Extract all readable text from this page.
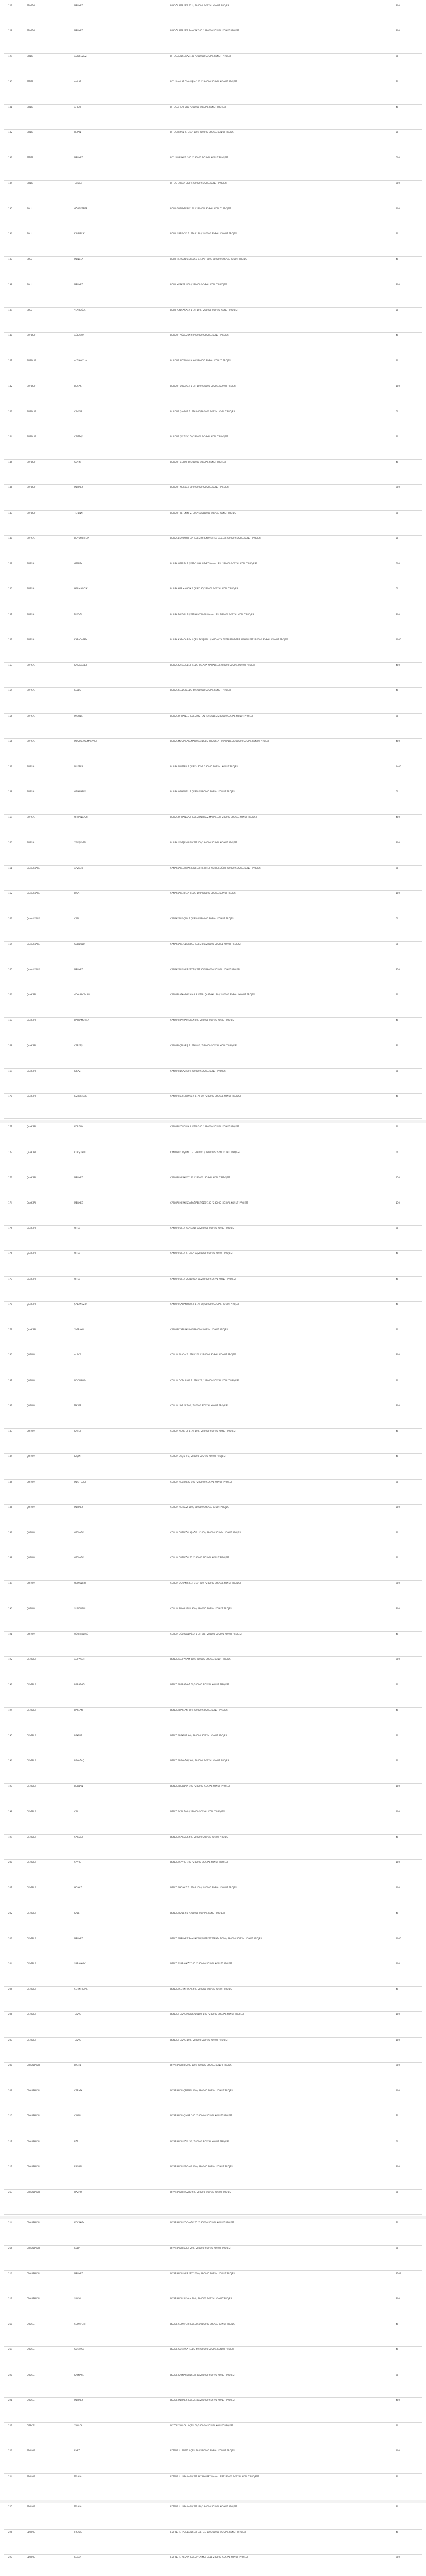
127	BİNGÖL	MERKEZ	BİNGÖL MERKEZ 321 / 280000 SOSYAL KONUT PROJESİ	300
128	BİNGÖL	MERKEZ	BİNGÖL MERKEZ SANCAK 100 / 280000 SOSYAL KONUT PROJESİ	300
129	BİTLİS	ADİLCEVAZ	BİTLİS ADİLCEVAZ 100 / 280000 SOSYAL KONUT PROJESİ	60
130	BİTLİS	AHLAT	BİTLİS AHLAT OVAKIŞLA 100 / 280000 SOSYAL KONUT PROJESİ	70
131	BİTLİS	AHLAT	BİTLİS AHLAT 200 / 280000 SOSYAL KONUT PROJESİ	40
132	BİTLİS	HİZAN	BİTLİS HİZAN 2. ETAP 180 / 280000 SOSYAL KONUT PROJESİ	50
133	BİTLİS	MERKEZ	BİTLİS MERKEZ 300 / 280000 SOSYAL KONUT PROJESİ	600
134	BİTLİS	TATVAN	BİTLİS TATVAN 300 / 280000 SOSYAL KONUT PROJESİ	300
135	BOLU	GÖRÜKTEPE	BOLU GÖRÜKTEPE 150 / 280000 SOSYAL KONUT PROJESİ	100
136	BOLU	KIBRISCIK	BOLU KIBRISCIK 2. ETAP 180 / 280000 SOSYAL KONUT PROJESİ	40
137	BOLU	MENGEN	BOLU MENGEN GÖKÇESU 2. ETAP 200 / 280000 SOSYAL KONUT PROJESİ	40
138	BOLU	MERKEZ	BOLU MERKEZ 400 / 280000 SOSYAL KONUT PROJESİ	300
139	BOLU	YENİÇAĞA	BOLU YENİÇAĞA 2. ETAP 100 / 280000 SOSYAL KONUT PROJESİ	50
140	BURDUR	AĞLASUN	BURDUR AĞLASUN 60/280000 SOSYAL KONUT PROJESİ	40
141	BURDUR	ALTINYAYLA	BURDUR ALTINYAYLA 60/280000 SOSYAL KONUT PROJESİ	40
142	BURDUR	BUCAK	BURDUR BUCAK 3. ETAP 100/280000 SOSYAL KONUT PROJESİ	100
143	BURDUR	ÇAVDIR	BURDUR ÇAVDIR 2. ETAP 60/280000 SOSYAL KONUT PROJESİ	60
144	BURDUR	ÇELTİKÇİ	BURDUR ÇELTİKÇİ 50/280000 SOSYAL KONUT PROJESİ	40
145	BURDUR	GEYİKİ	BURDUR GEYİKİ 60/280000 SOSYAL KONUT PROJESİ	40
146	BURDUR	MERKEZ	BURDUR MERKEZ 300/280000 SOSYAL KONUT PROJESİ	300
147	BURDUR	TEFENNİ	BURDUR TEFENNİ 2. ETAP 60/280000 SOSYAL KONUT PROJESİ	60
148	BURSA	BÜYÜKORHAN	BURSA BÜYÜKORHAN İLÇESİ ÖRENKAYA MAHALLESİ 280000 SOSYAL KONUT PROJESİ	50
149	BURSA	GEMLİK	BURSA GEMLİK İLÇESİ CUMHURİYET MAHALLESİ 280000 SOSYAL KONUT PROJESİ	500
150	BURSA	HARMANCIK	BURSA HARMANCIK İLÇESİ 180/280000 SOSYAL KONUT PROJESİ	60
151	BURSA	İNEGÖL	BURSA İNEGÖL İLÇESİ HAMZALAR MAHALLESİ 280000 SOSYAL KONUT PROJESİ	800
152	BURSA	KARACABEY	BURSA KARACABEY İLÇESİ TAVŞANLI / MÜDANYA TEFERRÜKDERE MAHALLESİ 280000 SOSYAL KONUT PROJESİ	1000
153	BURSA	KARACABEY	BURSA KARACABEY İLÇESİ YALAVA MAHALLESİ 280000 SOSYAL KONUT PROJESİ	400
154	BURSA	KELES	BURSA KELES İLÇESİ 60/280000 SOSYAL KONUT PROJESİ	40
155	BURSA	MARTEL	BURSA ORHANELİ İLÇESİ ÖZTEN MAHALLESİ 280000 SOSYAL KONUT PROJESİ	60
156	BURSA	MUSTAFAKEMALPAŞA	BURSA MUSTAFAKEMALPAŞA İLÇESİ HILALKENT MAHALLESİ 280000 SOSYAL KONUT PROJESİ	400
157	BURSA	NİLÜFER	BURSA NİLÜFER İLÇESİ 3. ETAP 280000 SOSYAL KONUT PROJESİ	1400
158	BURSA	ORHANELİ	BURSA ORHANELİ İLÇESİ 80/280000 SOSYAL KONUT PROJESİ	60
159	BURSA	ORHANGAZİ	BURSA ORHANGAZİ İLÇESİ MERKEZ MAHALLESİ 280000 SOSYAL KONUT PROJESİ	400
160	BURSA	YENİŞEHİR	BURSA YENİŞEHİR İLÇESİ 200/280000 SOSYAL KONUT PROJESİ	200
161	ÇANAKKALE	AYVACIK	ÇANAKKALE AYVACIK İLÇESİ MEHMET KAMBEROĞLU 280000 SOSYAL KONUT PROJESİ	60
162	ÇANAKKALE	BİGA	ÇANAKKALE BİGA İLÇESİ 100/280000 SOSYAL KONUT PROJESİ	100
163	ÇANAKKALE	ÇAN	ÇANAKKALE ÇAN İLÇESİ 80/280000 SOSYAL KONUT PROJESİ	60
164	ÇANAKKALE	GELİBOLU	ÇANAKKALE GELİBOLU İLÇESİ 80/280000 SOSYAL KONUT PROJESİ	80
165	ÇANAKKALE	MERKEZ	ÇANAKKALE MERKEZ İLÇESİ 300/280000 SOSYAL KONUT PROJESİ	370
166	ÇANKIRI	ATKARACALAR	ÇANKIRI ATKARACALAR 3. ETAP ÇARDAKLI 80 / 280000 SOSYAL KONUT PROJESİ	40
167	ÇANKIRI	BAYRAMÖREN	ÇANKIRI BAYRAMÖREN 80 / 280000 SOSYAL KONUT PROJESİ	40
168	ÇANKIRI	ÇERKEŞ	ÇANKIRI ÇERKEŞ 2. ETAP 80 / 280000 SOSYAL KONUT PROJESİ	80
169	ÇANKIRI	ILGAZ	ÇANKIRI ILGAZ 80 / 280000 SOSYAL KONUT PROJESİ	60
170	ÇANKIRI	KIZILIRMAK	ÇANKIRI KIZILIRMAK 2. ETAP 80 / 280000 SOSYAL KONUT PROJESİ	40
171	ÇANKIRI	KORGUN	ÇANKIRI KORGUN 2. ETAP 100 / 280000 SOSYAL KONUT PROJESİ	40
172	ÇANKIRI	KURŞUNLU	ÇANKIRI KURŞUNLU 3. ETAP 80 / 280000 SOSYAL KONUT PROJESİ	50
173	ÇANKIRI	MERKEZ	ÇANKIRI MERKEZ 150 / 280000 SOSYAL KONUT PROJESİ	150
174	ÇANKIRI	MERKEZ	ÇANKIRI MERKEZ AŞAĞIPELİTÖZÜ 150 / 280000 SOSYAL KONUT PROJESİ	150
175	ÇANKIRI	ORTA	ÇANKIRI ORTA YAPRAKLI 60/280000 SOSYAL KONUT PROJESİ	60
176	ÇANKIRI	ORTA	ÇANKIRI ORTA 2. ETAP 60/280000 SOSYAL KONUT PROJESİ	40
177	ÇANKIRI	ORTA	ÇANKIRI ORTA DODURGA 60/280000 SOSYAL KONUT PROJESİ	40
178	ÇANKIRI	ŞABANÖZÜ	ÇANKIRI ŞABANÖZÜ 3. ETAP 80/280000 SOSYAL KONUT PROJESİ	40
179	ÇANKIRI	YAPRAKLI	ÇANKIRI YAPRAKLI 60/280000 SOSYAL KONUT PROJESİ	40
180	ÇORUM	ALACA	ÇORUM ALACA 3. ETAP 200 / 280000 SOSYAL KONUT PROJESİ	200
181	ÇORUM	DODURGA	ÇORUM DODURGA 2. ETAP 75 / 280000 SOSYAL KONUT PROJESİ	40
182	ÇORUM	İSKİLİP	ÇORUM İSKİLİP 200 / 280000 SOSYAL KONUT PROJESİ	200
183	ÇORUM	KARGI	ÇORUM KARGI 3. ETAP 100 / 280000 SOSYAL KONUT PROJESİ	40
184	ÇORUM	LAÇİN	ÇORUM LAÇİN 75 / 280000 SOSYAL KONUT PROJESİ	40
185	ÇORUM	MECİTÖZÜ	ÇORUM MECİTÖZÜ 100 / 280000 SOSYAL KONUT PROJESİ	60
186	ÇORUM	MERKEZ	ÇORUM MERKEZ 500 / 280000 SOSYAL KONUT PROJESİ	500
187	ÇORUM	ORTAKÖY	ÇORUM ORTAKÖY AŞAĞIİLLI 100 / 280000 SOSYAL KONUT PROJESİ	40
188	ÇORUM	ORTAKÖY	ÇORUM ORTAKÖY 75 / 280000 SOSYAL KONUT PROJESİ	40
189	ÇORUM	OSMANCIK	ÇORUM OSMANCIK 3. ETAP 200 / 280000 SOSYAL KONUT PROJESİ	200
190	ÇORUM	SUNGURLU	ÇORUM SUNGURLU 300 / 280000 SOSYAL KONUT PROJESİ	300
191	ÇORUM	UĞURLUDAĞ	ÇORUM UĞURLUDAĞ 2. ETAP 90 / 280000 SOSYAL KONUT PROJESİ	40
192	DENİZLİ	ACIPAYAM	DENİZLİ ACIPAYAM 300 / 280000 SOSYAL KONUT PROJESİ	300
193	DENİZLİ	BABADAĞ	DENİZLİ BABADAĞ 60/280000 SOSYAL KONUT PROJESİ	40
194	DENİZLİ	BAKLAN	DENİZLİ BAKLAN 60 / 280000 SOSYAL KONUT PROJESİ	40
195	DENİZLİ	BEKİLLİ	DENİZLİ BEKİLLİ 60 / 280000 SOSYAL KONUT PROJESİ	40
196	DENİZLİ	BEYAĞAÇ	DENİZLİ BEYAĞAÇ 60 / 280000 SOSYAL KONUT PROJESİ	40
197	DENİZLİ	BULDAN	DENİZLİ BULDAN 100 / 280000 SOSYAL KONUT PROJESİ	100
198	DENİZLİ	ÇAL	DENİZLİ ÇAL 100 / 280000 SOSYAL KONUT PROJESİ	100
199	DENİZLİ	ÇARDAK	DENİZLİ ÇARDAK 60 / 280000 SOSYAL KONUT PROJESİ	40
200	DENİZLİ	ÇİVRİL	DENİZLİ ÇİVRİL 100 / 280000 SOSYAL KONUT PROJESİ	100
201	DENİZLİ	HONAZ	DENİZLİ HONAZ 2. ETAP 100 / 280000 SOSYAL KONUT PROJESİ	100
202	DENİZLİ	KALE	DENİZLİ KALE 60 / 280000 SOSYAL KONUT PROJESİ	40
203	DENİZLİ	MERKEZ	DENİZLİ MERKEZ PAMUKKALE/MERKEZEFENDİ 1000 / 280000 SOSYAL KONUT PROJESİ	1000
204	DENİZLİ	SARAYKÖY	DENİZLİ SARAYKÖY 100 / 280000 SOSYAL KONUT PROJESİ	100
205	DENİZLİ	SERİNHİSAR	DENİZLİ SERİNHİSAR 60 / 280000 SOSYAL KONUT PROJESİ	40
206	DENİZLİ	TAVAS	DENİZLİ TAVAS KIZILCABÖLÜK 100 / 280000 SOSYAL KONUT PROJESİ	100
207	DENİZLİ	TAVAS	DENİZLİ TAVAS 100 / 280000 SOSYAL KONUT PROJESİ	100
208	DİYARBAKIR	BİSMİL	DİYARBAKIR BİSMİL 100 / 280000 SOSYAL KONUT PROJESİ	200
209	DİYARBAKIR	ÇERMİK	DİYARBAKIR ÇERMİK 100 / 280000 SOSYAL KONUT PROJESİ	100
210	DİYARBAKIR	ÇINAR	DİYARBAKIR ÇINAR 100 / 280000 SOSYAL KONUT PROJESİ	70
211	DİYARBAKIR	EĞİL	DİYARBAKIR EĞİL 50 / 280000 SOSYAL KONUT PROJESİ	50
212	DİYARBAKIR	ERGANİ	DİYARBAKIR ERGANİ 200 / 280000 SOSYAL KONUT PROJESİ	200
213	DİYARBAKIR	HAZRO	DİYARBAKIR HAZRO 60 / 280000 SOSYAL KONUT PROJESİ	60
214	DİYARBAKIR	KOCAKÖY	DİYARBAKIR KOCAKÖY 70 / 280000 SOSYAL KONUT PROJESİ	70
215	DİYARBAKIR	KULP	DİYARBAKIR KULP 200 / 280000 SOSYAL KONUT PROJESİ	60
216	DİYARBAKIR	MERKEZ	DİYARBAKIR MERKEZ 2000 / 280000 SOSYAL KONUT PROJESİ	2104
217	DİYARBAKIR	SİLVAN	DİYARBAKIR SİLVAN 300 / 280000 SOSYAL KONUT PROJESİ	300
218	DÜZCE	CUMAYERİ	DÜZCE CUMAYERİ İLÇESİ 60/280000 SOSYAL KONUT PROJESİ	40
219	DÜZCE	GÖLYAKA	DÜZCE GÖLYAKA İLÇESİ 60/280000 SOSYAL KONUT PROJESİ	40
220	DÜZCE	KAYNAŞLI	DÜZCE KAYNAŞLI İLÇESİ 80/280000 SOSYAL KONUT PROJESİ	60
221	DÜZCE	MERKEZ	DÜZCE MERKEZ İLÇESİ 400/280000 SOSYAL KONUT PROJESİ	400
222	DÜZCE	YIĞILCA	DÜZCE YIĞILCA İLÇESİ 60/280000 SOSYAL KONUT PROJESİ	40
223	EDİRNE	ENEZ	EDİRNE İLİ ENEZ İLÇESİ 180/280000 SOSYAL KONUT PROJESİ	100
224	EDİRNE	İPSALA	EDİRNE İLİ İPSALA İLÇESİ BAYRAMBEY MAHALLESİ 280000 SOSYAL KONUT PROJESİ	80
225	EDİRNE	İPSALA	EDİRNE İLİ İPSALA İLÇESİ 180/280000 SOSYAL KONUT PROJESİ	80
226	EDİRNE	İPSALA	EDİRNE İLİ İPSALA İLÇESİ ESETÇE 180/280000 SOSYAL KONUT PROJESİ	40
227	EDİRNE	KEŞAN	EDİRNE İLİ KEŞAN İLÇESİ YENİMAHALLE 280000 SOSYAL KONUT PROJESİ	200
